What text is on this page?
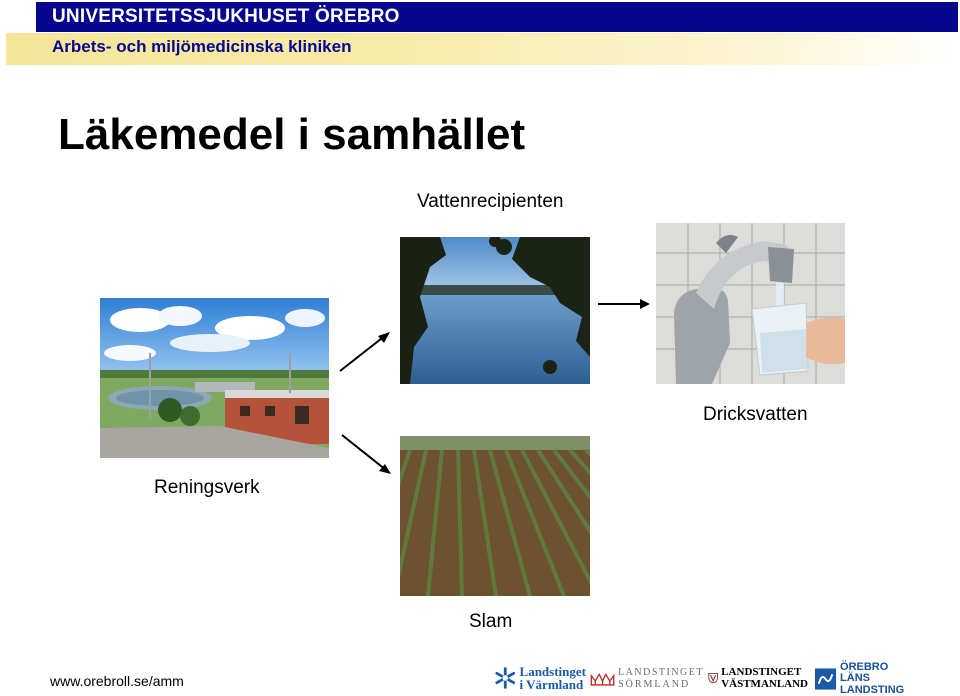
UNIVERSITETSSJUKHUSET ÖREBRO
Arbets- och miljömedicinska kliniken
Läkemedel i samhället
Vattenrecipienten
Dricksvatten
Reningsverk
Slam
www.orebroll.se/amm
Landstinget
i Värmland
LANDSTINGET
SÖRMLAND
LANDSTINGET
VÄSTMANLAND
ÖREBRO LÄNS
LANDSTING
